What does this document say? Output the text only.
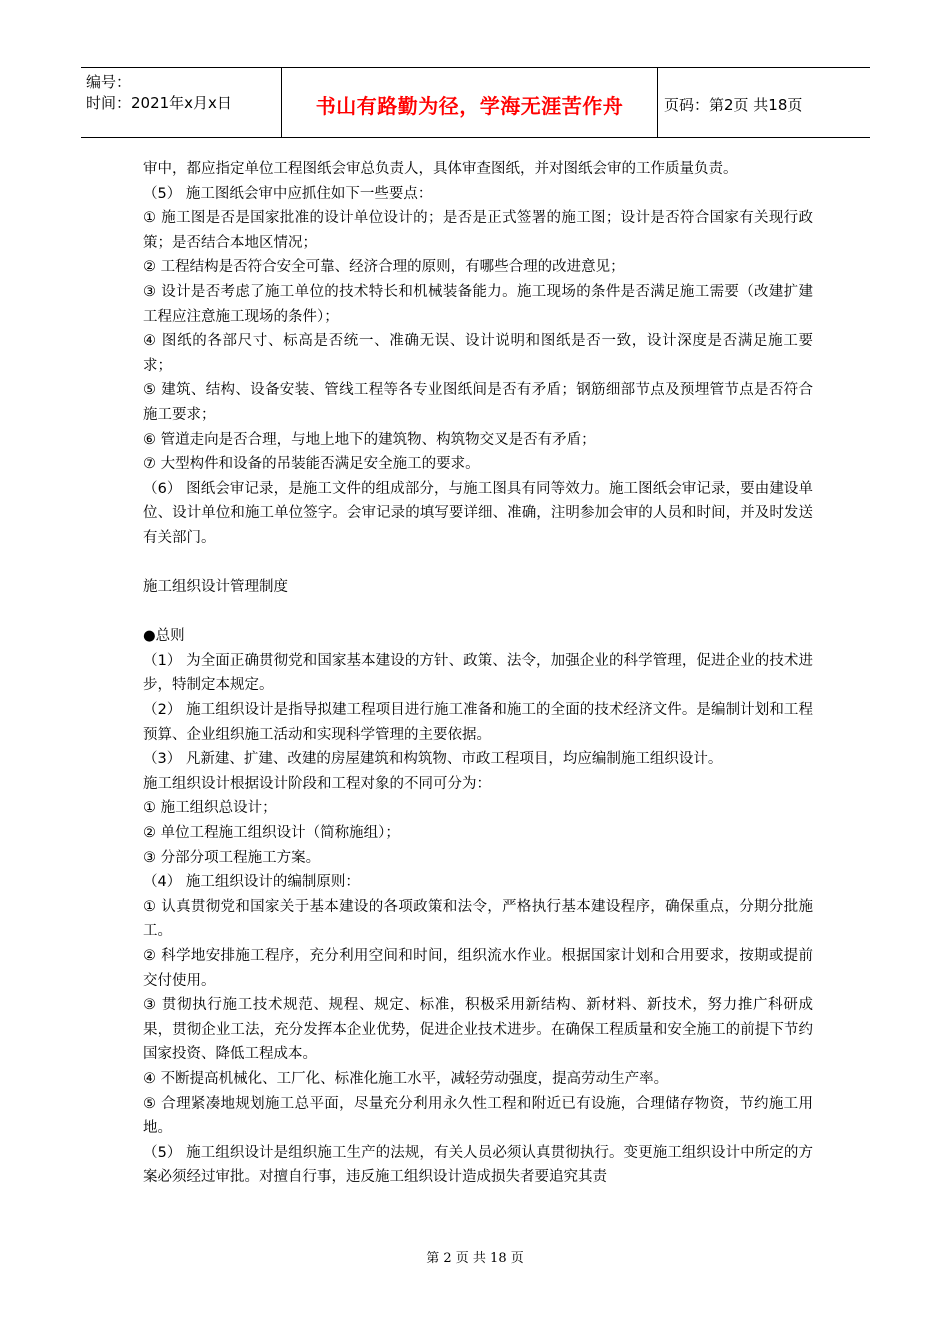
编号：
时间：2021年x月x日	书山有路勤为径，学海无涯苦作舟	页码：第2页 共18页

审中，都应指定单位工程图纸会审总负责人，具体审查图纸，并对图纸会审的工作质量负责。

（5） 施工图纸会审中应抓住如下一些要点：

① 施工图是否是国家批准的设计单位设计的；是否是正式签署的施工图；设计是否符合国家有关现行政策；是否结合本地区情况；

② 工程结构是否符合安全可靠、经济合理的原则，有哪些合理的改进意见；

③ 设计是否考虑了施工单位的技术特长和机械装备能力。施工现场的条件是否满足施工需要（改建扩建工程应注意施工现场的条件）；

④ 图纸的各部尺寸、标高是否统一、准确无误、设计说明和图纸是否一致，设计深度是否满足施工要求；

⑤ 建筑、结构、设备安装、管线工程等各专业图纸间是否有矛盾；钢筋细部节点及预埋管节点是否符合施工要求；

⑥ 管道走向是否合理，与地上地下的建筑物、构筑物交叉是否有矛盾；

⑦ 大型构件和设备的吊装能否满足安全施工的要求。

（6） 图纸会审记录，是施工文件的组成部分，与施工图具有同等效力。施工图纸会审记录，要由建设单位、设计单位和施工单位签字。会审记录的填写要详细、准确，注明参加会审的人员和时间，并及时发送有关部门。

施工组织设计管理制度

●总则

（1） 为全面正确贯彻党和国家基本建设的方针、政策、法令，加强企业的科学管理，促进企业的技术进步，特制定本规定。

（2） 施工组织设计是指导拟建工程项目进行施工准备和施工的全面的技术经济文件。是编制计划和工程预算、企业组织施工活动和实现科学管理的主要依据。

（3） 凡新建、扩建、改建的房屋建筑和构筑物、市政工程项目，均应编制施工组织设计。

施工组织设计根据设计阶段和工程对象的不同可分为：

① 施工组织总设计；

② 单位工程施工组织设计（简称施组）；

③ 分部分项工程施工方案。

（4） 施工组织设计的编制原则：

① 认真贯彻党和国家关于基本建设的各项政策和法令，严格执行基本建设程序，确保重点，分期分批施工。

② 科学地安排施工程序，充分利用空间和时间，组织流水作业。根据国家计划和合用要求，按期或提前交付使用。

③ 贯彻执行施工技术规范、规程、规定、标准，积极采用新结构、新材料、新技术，努力推广科研成果，贯彻企业工法，充分发挥本企业优势，促进企业技术进步。在确保工程质量和安全施工的前提下节约国家投资、降低工程成本。

④ 不断提高机械化、工厂化、标准化施工水平，减轻劳动强度，提高劳动生产率。

⑤ 合理紧凑地规划施工总平面，尽量充分利用永久性工程和附近已有设施，合理储存物资，节约施工用地。

（5） 施工组织设计是组织施工生产的法规，有关人员必须认真贯彻执行。变更施工组织设计中所定的方案必须经过审批。对擅自行事，违反施工组织设计造成损失者要追究其责

第 2 页 共 18 页
